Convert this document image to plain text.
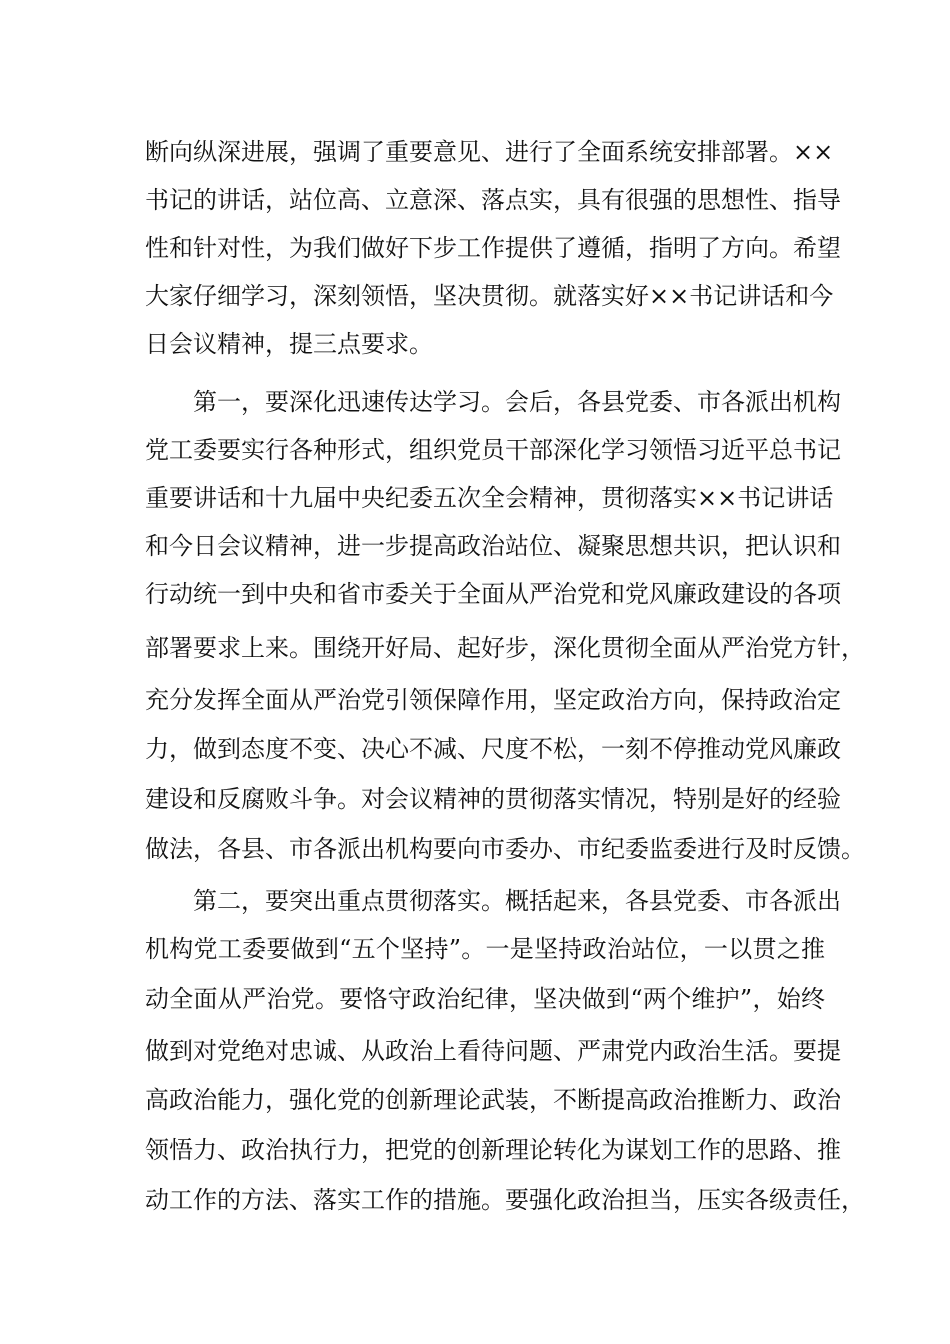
断向纵深进展，强调了重要意见、进行了全面系统安排部署。××
书记的讲话，站位高、立意深、落点实，具有很强的思想性、指导
性和针对性，为我们做好下步工作提供了遵循，指明了方向。希望
大家仔细学习，深刻领悟，坚决贯彻。就落实好××书记讲话和今
日会议精神，提三点要求。
第一，要深化迅速传达学习。会后，各县党委、市各派出机构
党工委要实行各种形式，组织党员干部深化学习领悟习近平总书记
重要讲话和十九届中央纪委五次全会精神，贯彻落实××书记讲话
和今日会议精神，进一步提高政治站位、凝聚思想共识，把认识和
行动统一到中央和省市委关于全面从严治党和党风廉政建设的各项
部署要求上来。围绕开好局、起好步，深化贯彻全面从严治党方针，
充分发挥全面从严治党引领保障作用，坚定政治方向，保持政治定
力，做到态度不变、决心不减、尺度不松，一刻不停推动党风廉政
建设和反腐败斗争。对会议精神的贯彻落实情况，特别是好的经验
做法，各县、市各派出机构要向市委办、市纪委监委进行及时反馈。
第二，要突出重点贯彻落实。概括起来，各县党委、市各派出
机构党工委要做到“五个坚持”。一是坚持政治站位，一以贯之推
动全面从严治党。要恪守政治纪律，坚决做到“两个维护”，始终
做到对党绝对忠诚、从政治上看待问题、严肃党内政治生活。要提
高政治能力，强化党的创新理论武装，不断提高政治推断力、政治
领悟力、政治执行力，把党的创新理论转化为谋划工作的思路、推
动工作的方法、落实工作的措施。要强化政治担当，压实各级责任，
